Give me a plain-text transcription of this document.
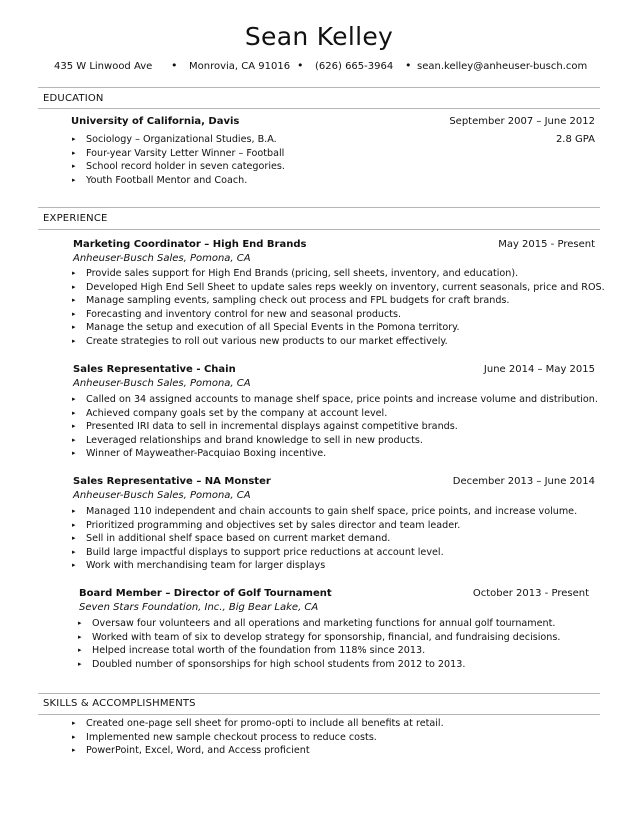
Sean Kelley
435 W Linwood Ave • Monrovia, CA 91016 • (626) 665-3964 • sean.kelley@anheuser-busch.com
EDUCATION
University of California, Davis	September 2007 – June 2012
2.8 GPA
▸ Sociology – Organizational Studies, B.A.
▸ Four-year Varsity Letter Winner – Football
▸ School record holder in seven categories.
▸ Youth Football Mentor and Coach.
EXPERIENCE
Marketing Coordinator – High End Brands	May 2015 - Present
Anheuser-Busch Sales, Pomona, CA
▸ Provide sales support for High End Brands (pricing, sell sheets, inventory, and education).
▸ Developed High End Sell Sheet to update sales reps weekly on inventory, current seasonals, price and ROS.
▸ Manage sampling events, sampling check out process and FPL budgets for craft brands.
▸ Forecasting and inventory control for new and seasonal products.
▸ Manage the setup and execution of all Special Events in the Pomona territory.
▸ Create strategies to roll out various new products to our market effectively.
Sales Representative - Chain	June 2014 – May 2015
Anheuser-Busch Sales, Pomona, CA
▸ Called on 34 assigned accounts to manage shelf space, price points and increase volume and distribution.
▸ Achieved company goals set by the company at account level.
▸ Presented IRI data to sell in incremental displays against competitive brands.
▸ Leveraged relationships and brand knowledge to sell in new products.
▸ Winner of Mayweather-Pacquiao Boxing incentive.
Sales Representative – NA Monster	December 2013 – June 2014
Anheuser-Busch Sales, Pomona, CA
▸ Managed 110 independent and chain accounts to gain shelf space, price points, and increase volume.
▸ Prioritized programming and objectives set by sales director and team leader.
▸ Sell in additional shelf space based on current market demand.
▸ Build large impactful displays to support price reductions at account level.
▸ Work with merchandising team for larger displays
Board Member – Director of Golf Tournament	October 2013 - Present
Seven Stars Foundation, Inc., Big Bear Lake, CA
▸ Oversaw four volunteers and all operations and marketing functions for annual golf tournament.
▸ Worked with team of six to develop strategy for sponsorship, financial, and fundraising decisions.
▸ Helped increase total worth of the foundation from 118% since 2013.
▸ Doubled number of sponsorships for high school students from 2012 to 2013.
SKILLS & ACCOMPLISHMENTS
▸ Created one-page sell sheet for promo-opti to include all benefits at retail.
▸ Implemented new sample checkout process to reduce costs.
▸ PowerPoint, Excel, Word, and Access proficient
